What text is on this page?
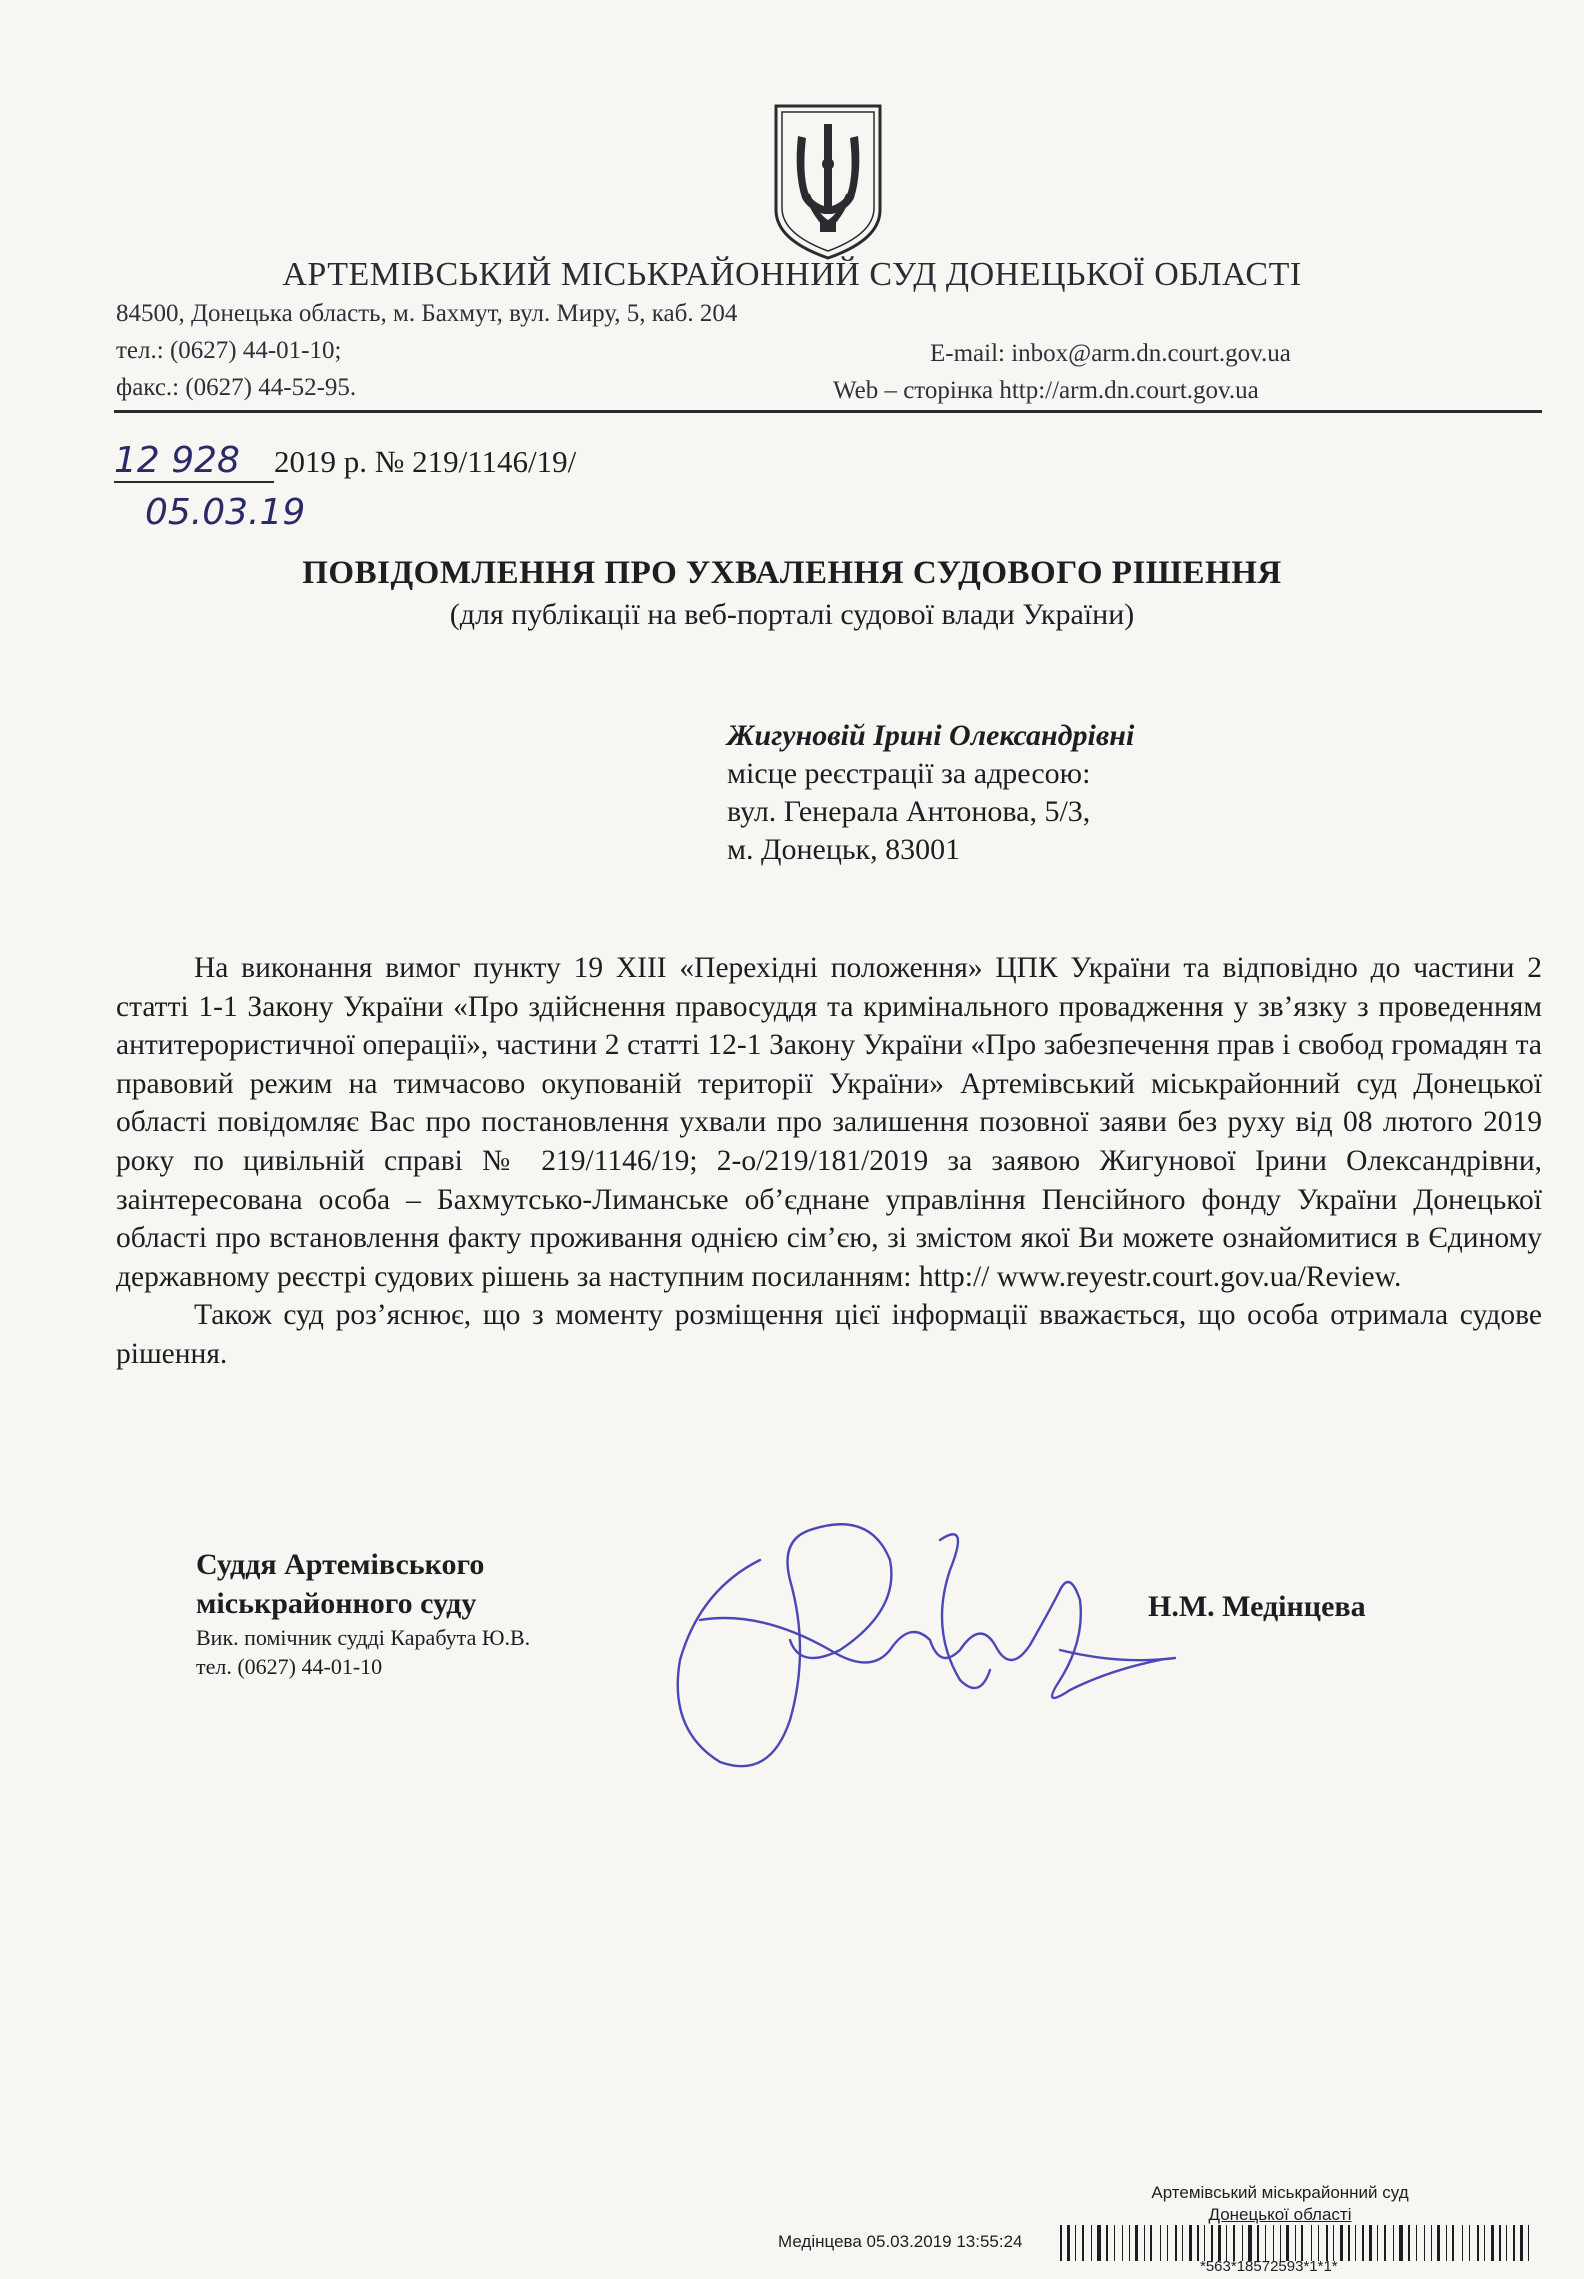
АРТЕМІВСЬКИЙ МІСЬКРАЙОННИЙ СУД ДОНЕЦЬКОЇ ОБЛАСТІ
84500, Донецька область, м. Бахмут, вул. Миру, 5, каб. 204
тел.: (0627) 44-01-10;
факс.: (0627) 44-52-95.
E-mail: inbox@arm.dn.court.gov.ua
Web – сторінка http://arm.dn.court.gov.ua
12 928 2019 р. № 219/1146/19/
05.03.19
ПОВІДОМЛЕННЯ ПРО УХВАЛЕННЯ СУДОВОГО РІШЕННЯ
(для публікації на веб-порталі судової влади України)
Жигуновій Ірині Олександрівні
місце реєстрації за адресою:
вул. Генерала Антонова, 5/3,
м. Донецьк, 83001

На виконання вимог пункту 19 ХІІІ «Перехідні положення» ЦПК України та відповідно до частини 2 статті 1-1 Закону України «Про здійснення правосуддя та кримінального провадження у зв’язку з проведенням антитерористичної операції», частини 2 статті 12-1 Закону України «Про забезпечення прав і свобод громадян та правовий режим на тимчасово окупованій території України» Артемівський міськрайонний суд Донецької області повідомляє Вас про постановлення ухвали про залишення позовної заяви без руху від 08 лютого 2019 року по цивільній справі № 219/1146/19; 2-о/219/181/2019 за заявою Жигунової Ірини Олександрівни, заінтересована особа – Бахмутсько-Лиманське об’єднане управління Пенсійного фонду України Донецької області про встановлення факту проживання однією сім’єю, зі змістом якої Ви можете ознайомитися в Єдиному державному реєстрі судових рішень за наступним посиланням: http:// www.reyestr.court.gov.ua/Review.

Також суд роз’яснює, що з моменту розміщення цієї інформації вважається, що особа отримала судове рішення.

Суддя Артемівського
міськрайонного суду
Вик. помічник судді Карабута Ю.В.
тел. (0627) 44-01-10
Н.М. Медінцева
Артемівський міськрайонний суд
Донецької області
Медінцева 05.03.2019 13:55:24
*563*18572593*1*1*
